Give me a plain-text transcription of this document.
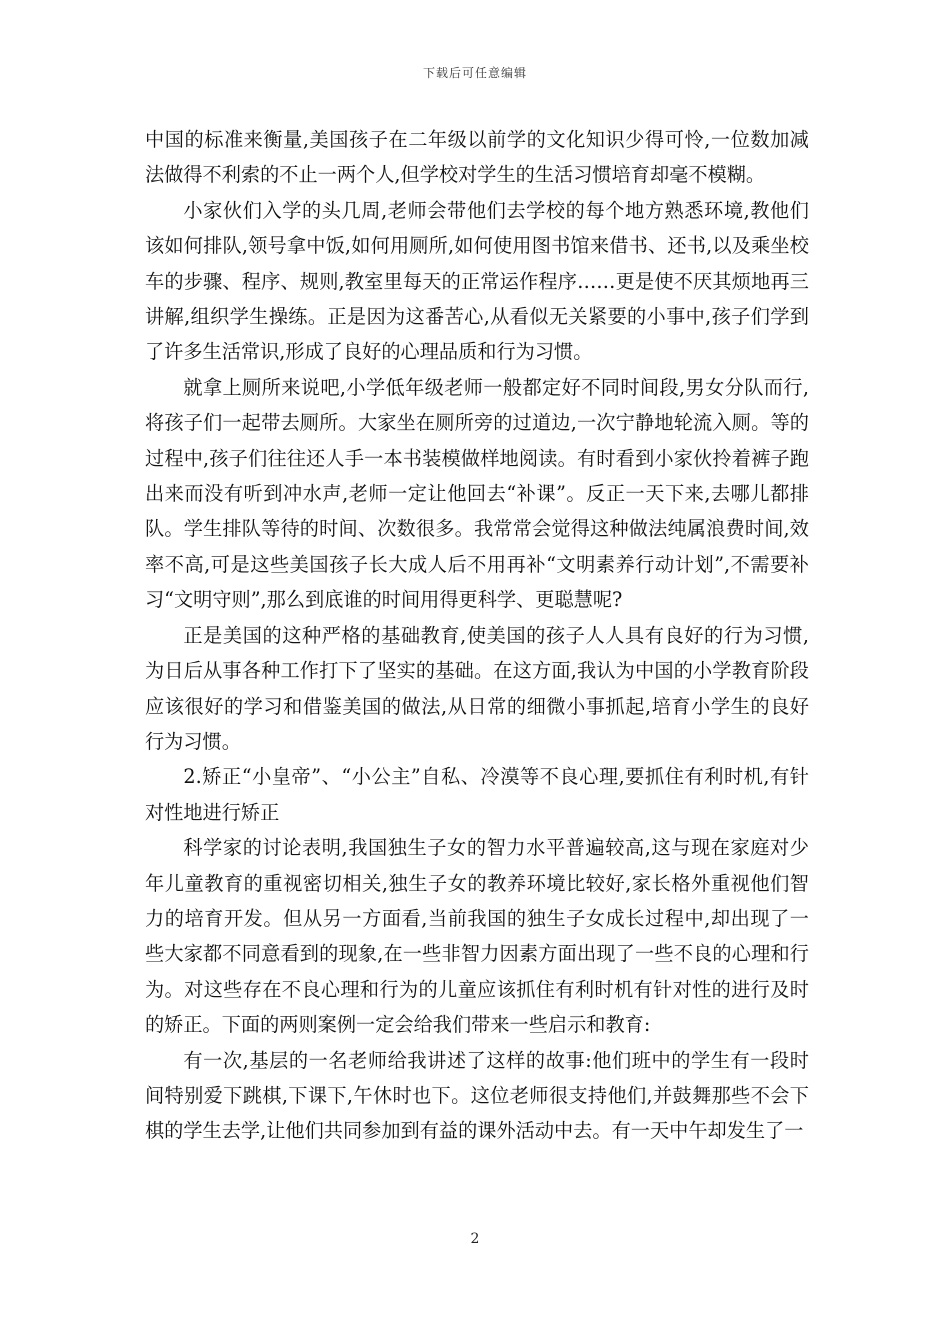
下载后可任意编辑

中国的标准来衡量,美国孩子在二年级以前学的文化知识少得可怜,一位数加减法做得不利索的不止一两个人,但学校对学生的生活习惯培育却毫不模糊。

小家伙们入学的头几周,老师会带他们去学校的每个地方熟悉环境,教他们该如何排队,领号拿中饭,如何用厕所,如何使用图书馆来借书、还书,以及乘坐校车的步骤、程序、规则,教室里每天的正常运作程序……更是使不厌其烦地再三讲解,组织学生操练。正是因为这番苦心,从看似无关紧要的小事中,孩子们学到了许多生活常识,形成了良好的心理品质和行为习惯。

就拿上厕所来说吧,小学低年级老师一般都定好不同时间段,男女分队而行,将孩子们一起带去厕所。大家坐在厕所旁的过道边,一次宁静地轮流入厕。等的过程中,孩子们往往还人手一本书装模做样地阅读。有时看到小家伙拎着裤子跑出来而没有听到冲水声,老师一定让他回去“补课”。反正一天下来,去哪儿都排队。学生排队等待的时间、次数很多。我常常会觉得这种做法纯属浪费时间,效率不高,可是这些美国孩子长大成人后不用再补“文明素养行动计划”,不需要补习“文明守则”,那么到底谁的时间用得更科学、更聪慧呢?

正是美国的这种严格的基础教育,使美国的孩子人人具有良好的行为习惯,为日后从事各种工作打下了坚实的基础。在这方面,我认为中国的小学教育阶段应该很好的学习和借鉴美国的做法,从日常的细微小事抓起,培育小学生的良好行为习惯。

2.矫正“小皇帝”、“小公主”自私、冷漠等不良心理,要抓住有利时机,有针对性地进行矫正

科学家的讨论表明,我国独生子女的智力水平普遍较高,这与现在家庭对少年儿童教育的重视密切相关,独生子女的教养环境比较好,家长格外重视他们智力的培育开发。但从另一方面看,当前我国的独生子女成长过程中,却出现了一些大家都不同意看到的现象,在一些非智力因素方面出现了一些不良的心理和行为。对这些存在不良心理和行为的儿童应该抓住有利时机有针对性的进行及时的矫正。下面的两则案例一定会给我们带来一些启示和教育:

有一次,基层的一名老师给我讲述了这样的故事:他们班中的学生有一段时间特别爱下跳棋,下课下,午休时也下。这位老师很支持他们,并鼓舞那些不会下棋的学生去学,让他们共同参加到有益的课外活动中去。有一天中午却发生了一

2
